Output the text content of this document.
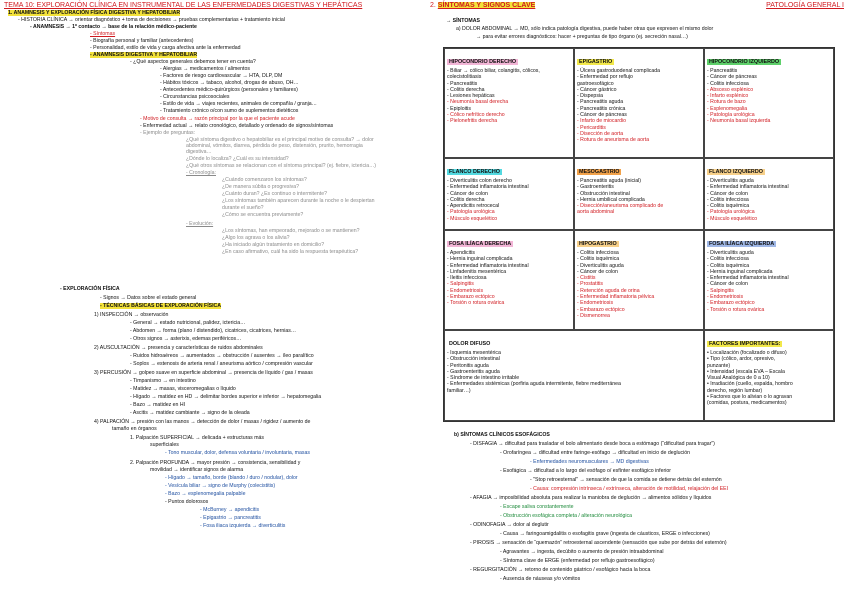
TEMA 10: EXPLORACIÓN CLÍNICA EN INSTRUMENTAL DE LAS ENFERMEDADES DIGESTIVAS Y HEPÁTICAS
1. ANAMNESIS Y EXPLORACIÓN FÍSICA DIGESTIVA Y HEPATOBILIAR
- HISTORIA CLÍNICA → orientar diagnóstico + toma de decisiones → pruebas complementarias + tratamiento inicial
- ANAMNESIS → 1º contacto → base de la relación médico-paciente
- Síntomas
- Biografía personal y familiar (antecedentes)
- Personalidad, estilo de vida y carga afectiva ante la enfermedad
- ANAMNESIS DIGESTIVA Y HEPATOBILIAR
- ¿Qué aspectos generales debemos tener en cuenta?
- Alergias → medicamentos / alimentos
- Factores de riesgo cardiovascular → HTA, DLP, DM
- Hábitos tóxicos → tabaco, alcohol, drogas de abuso, OH…
- Antecedentes médico-quirúrgicos (personales y familiares)
- Circunstancias psicosociales
- Estilo de vida → viajes recientes, animales de compañía / granja…
- Tratamiento crónico o/con sumo de suplementos dietéticos
- Motivo de consulta → razón principal por la que el paciente acude
- Enfermedad actual → relato cronológico, detallado y ordenado de signos/síntomas
- Ejemplo de preguntas:
¿Qué síntoma digestivo o hepatobiliar es el principal motivo de consulta? → dolor
abdominal, vómitos, diarrea, pérdida de peso, distensión, prurito, hemorragia
digestiva…
¿Dónde lo localiza? ¿Cuál es su intensidad?
¿Qué otros síntomas se relacionan con el síntoma principal? (ej. fiebre, ictericia…)
- Cronología:
¿Cuándo comenzaron los síntomas?
¿De manera súbita o progresiva?
¿Cuánto duran? ¿Es continuo o intermitente?
¿Los síntomas también aparecen durante la noche o le despiertan
durante el sueño?
¿Cómo se encuentra previamente?
- Evolución:
¿Los síntomas, han empeorado, mejorado o se mantienen?
¿Algo los agrava o los alivia?
¿Ha iniciado algún tratamiento en domicilio?
¿En caso afirmativo, cuál ha sido la respuesta terapéutica?
- EXPLORACIÓN FÍSICA
- Signos → Datos sobre el estado general
- TÉCNICAS BÁSICAS DE EXPLORACIÓN FÍSICA
1) INSPECCIÓN → observación
- General → estado nutricional, palidez, ictericia…
- Abdomen → forma (plano / distendido), cicatrices, cicatrices, hernias…
- Otros signos → asterixis, edemas periféricos…
2) AUSCULTACIÓN → presencia y características de ruidos abdominales
- Ruidos hidroaéreos → aumentados → obstrucción / ausentes → íleo paralítico
- Soplos → estenosis de arteria renal / aneurisma aórtico / compresión vascular
3) PERCUSIÓN → golpeo suave en superficie abdominal → presencia de líquido / gas / masas
- Timpanismo → en intestino
- Matidez → masas, visceromegalias o líquido
- Hígado → matidez en HD → delimitar bordes superior e inferior → hepatomegalia
- Bazo → matidez en HI
- Ascitis → matidez cambiante → signo de la oleada
4) PALPACIÓN → presión con las manos → detección de dolor / masas / rigidez / aumento de
tamaño en órganos
1. Palpación SUPERFICIAL → delicada + estructuras más
superficiales
- Tono muscular, dolor, defensa voluntaria / involuntaria, masas
2. Palpación PROFUNDA → mayor presión → consistencia, sensibilidad y
movilidad → identificar signos de alarma
- Hígado → tamaño, borde (blando / duro / nodular), dolor
- Vesícula biliar → signo de Murphy (colecistitis)
- Bazo → esplenomegalia palpable
- Puntos dolorosos
- McBurney → apendicitis
- Epigastrio → pancreatitis
- Fosa iliaca izquierda → diverticulitis
2. SÍNTOMAS Y SIGNOS CLAVE	PATOLOGÍA GENERAL I
→ SÍNTOMAS
a) DOLOR ABDOMINAL → MD, sólo indica patología digestiva, puede haber otras que expresen el mismo dolor
→ para evitar errores diagnósticos: hacer + preguntas de tipo órgano (ej. secreción nasal…)
HIPOCONDRIO DERECHO
- Biliar → cólico biliar, colangitis, cólicos,
colecistolitiasis
- Pancreatitis
- Colitis derecha
- Lesiones hepáticas
- Neumonía basal derecha
- Epiploitis
- Cólico nefrítico derecho
- Pielonefritis derecha
EPIGASTRIO
- Úlcera gastroduodenal complicada
- Enfermedad por reflujo
gastroesofágico
- Cáncer gástrico
- Dispepsia
- Pancreatitis aguda
- Pancreatitis crónica
- Cáncer de páncreas
- Infarto de miocardio
- Pericarditis
- Disección de aorta
- Rotura de aneurisma de aorta
HIPOCONDRIO IZQUIERDO
- Pancreatitis
- Cáncer de páncreas
- Colitis infecciosa
- Absceso esplénico
- Infarto esplénico
- Rotura de bazo
- Esplenomegalia
- Patología urológica
- Neumonía basal izquierda
FLANCO DERECHO
- Diverticulitis colon derecho
- Enfermedad inflamatoria intestinal
- Cáncer de colon
- Colitis derecha
- Apendicitis retrocecal
- Patología urológica
- Músculo esquelético
MESOGASTRIO
- Pancreatitis aguda (inicial)
- Gastroenteritis
- Obstrucción intestinal
- Hernia umbilical complicada
- Disección/aneurisma complicado de
aorta abdominal
FLANCO IZQUIERDO
- Diverticulitis aguda
- Enfermedad inflamatoria intestinal
- Cáncer de colon
- Colitis infecciosa
- Colitis isquémica
- Patología urológica
- Músculo esquelético
FOSA ILÍACA DERECHA
- Apendicitis
- Hernia inguinal complicada
- Enfermedad inflamatoria intestinal
- Linfadenitis mesentérica
- Ileitis infecciosa
- Salpingitis
- Endometriosis
- Embarazo ectópico
- Torsión o rotura ovárica
HIPOGASTRIO
- Colitis infecciosa
- Colitis isquémica
- Diverticulitis aguda
- Cáncer de colon
- Cistitis
- Prostatitis
- Retención aguda de orina
- Enfermedad inflamatoria pélvica
- Endometriosis
- Embarazo ectópico
- Dismenorrea
FOSA ILÍACA IZQUIERDA
- Diverticulitis aguda
- Colitis infecciosa
- Colitis isquémica
- Hernia inguinal complicada
- Enfermedad inflamatoria intestinal
- Cáncer de colon
- Salpingitis
- Endometriosis
- Embarazo ectópico
- Torsión o rotura ovárica
DOLOR DIFUSO
- Isquemia mesentérica
- Obstrucción intestinal
- Peritonitis aguda
- Gastroenteritis aguda
- Síndrome de intestino irritable
- Enfermedades sistémicas (porfiria aguda intermitente, fiebre mediterránea
familiar…)
FACTORES IMPORTANTES:
• Localización (focalizado o difuso)
• Tipo (cólico, ardor, opresivo,
punzante)
• Intensidad (escala EVA – Escala
Visual Analógica de 0 a 10)
• Irradiación (cuello, espalda, hombro
derecho, región lumbar)
• Factores que lo alivian o lo agravan
(comidas, postura, medicamentos)
b) SÍNTOMAS CLÍNICOS ESOFÁGICOS
- DISFAGIA → dificultad para trasladar el bolo alimentario desde boca a estómago (“dificultad para tragar”)
- Orofaríngea → dificultad entre faringe-esófago → dificultad en inicio de deglución
- Enfermedades neuromusculares → MD digestivas
- Esofágica → dificultad a lo largo del esófago o/ esfínter esofágico inferior
- "Stop retroesternal" → sensación de que la comida se detiene detrás del esternón
- Causa: compresión intrínseca / extrínseca, alteración de motilidad, relajación del EEI
- AFAGIA → imposibilidad absoluta para realizar la maniobra de deglución → alimentos sólidos y líquidos
- Escape saliva constantemente
- Obstrucción esofágica completa / alteración neurológica
- ODINOFAGIA → dolor al deglutir
- Causa → faringoamigdalitis o esofagitis grave (ingesta de cáusticos, ERGE o infecciones)
- PIROSIS → sensación de “quemazón” retroesternal ascendente (sensación que sube por detrás del esternón)
- Agravantes → ingesta, decúbito o aumento de presión intraabdominal
- Síntoma clave de ERGE (enfermedad por reflujo gastroesofágico)
- REGURGITACIÓN → retorno de contenido gástrico / esofágico hacia la boca
- Ausencia de náuseas y/o vómitos
